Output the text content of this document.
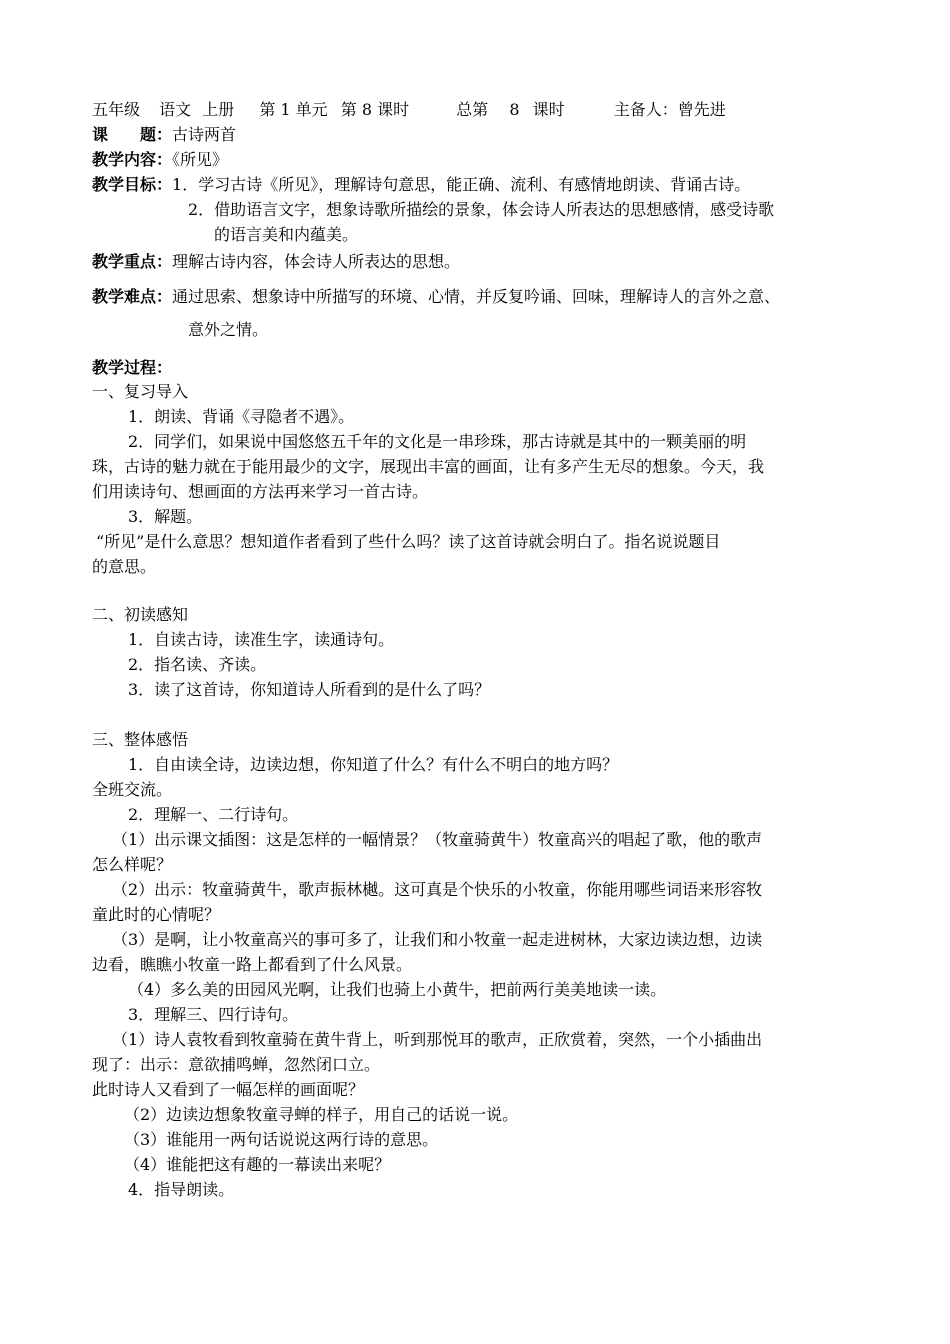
五年级 语文 上册 第 1 单元 第 8 课时	总第 8 课时	主备人：曾先进
课　　题：古诗两首
教学内容：《所见》
教学目标：1．学习古诗《所见》，理解诗句意思，能正确、流利、有感情地朗读、背诵古诗。
2．借助语言文字，想象诗歌所描绘的景象，体会诗人所表达的思想感情，感受诗歌
的语言美和内蕴美。
教学重点：理解古诗内容，体会诗人所表达的思想。
教学难点：通过思索、想象诗中所描写的环境、心情，并反复吟诵、回味，理解诗人的言外之意、
意外之情。
教学过程：
一、复习导入
1．朗读、背诵《寻隐者不遇》。
2．同学们，如果说中国悠悠五千年的文化是一串珍珠，那古诗就是其中的一颗美丽的明
珠，古诗的魅力就在于能用最少的文字，展现出丰富的画面，让有多产生无尽的想象。今天，我
们用读诗句、想画面的方法再来学习一首古诗。
3．解题。
“所见”是什么意思？想知道作者看到了些什么吗？读了这首诗就会明白了。指名说说题目
的意思。
二、初读感知
1．自读古诗，读准生字，读通诗句。
2．指名读、齐读。
3．读了这首诗，你知道诗人所看到的是什么了吗？
三、整体感悟
1．自由读全诗，边读边想，你知道了什么？有什么不明白的地方吗？
全班交流。
2．理解一、二行诗句。
（1）出示课文插图：这是怎样的一幅情景？（牧童骑黄牛）牧童高兴的唱起了歌，他的歌声
怎么样呢？
（2）出示：牧童骑黄牛，歌声振林樾。这可真是个快乐的小牧童，你能用哪些词语来形容牧
童此时的心情呢？
（3）是啊，让小牧童高兴的事可多了，让我们和小牧童一起走进树林，大家边读边想，边读
边看，瞧瞧小牧童一路上都看到了什么风景。
（4）多么美的田园风光啊，让我们也骑上小黄牛，把前两行美美地读一读。
3．理解三、四行诗句。
（1）诗人袁牧看到牧童骑在黄牛背上，听到那悦耳的歌声，正欣赏着，突然，一个小插曲出
现了：出示：意欲捕鸣蝉，忽然闭口立。
此时诗人又看到了一幅怎样的画面呢？
（2）边读边想象牧童寻蝉的样子，用自己的话说一说。
（3）谁能用一两句话说说这两行诗的意思。
（4）谁能把这有趣的一幕读出来呢？
4．指导朗读。
